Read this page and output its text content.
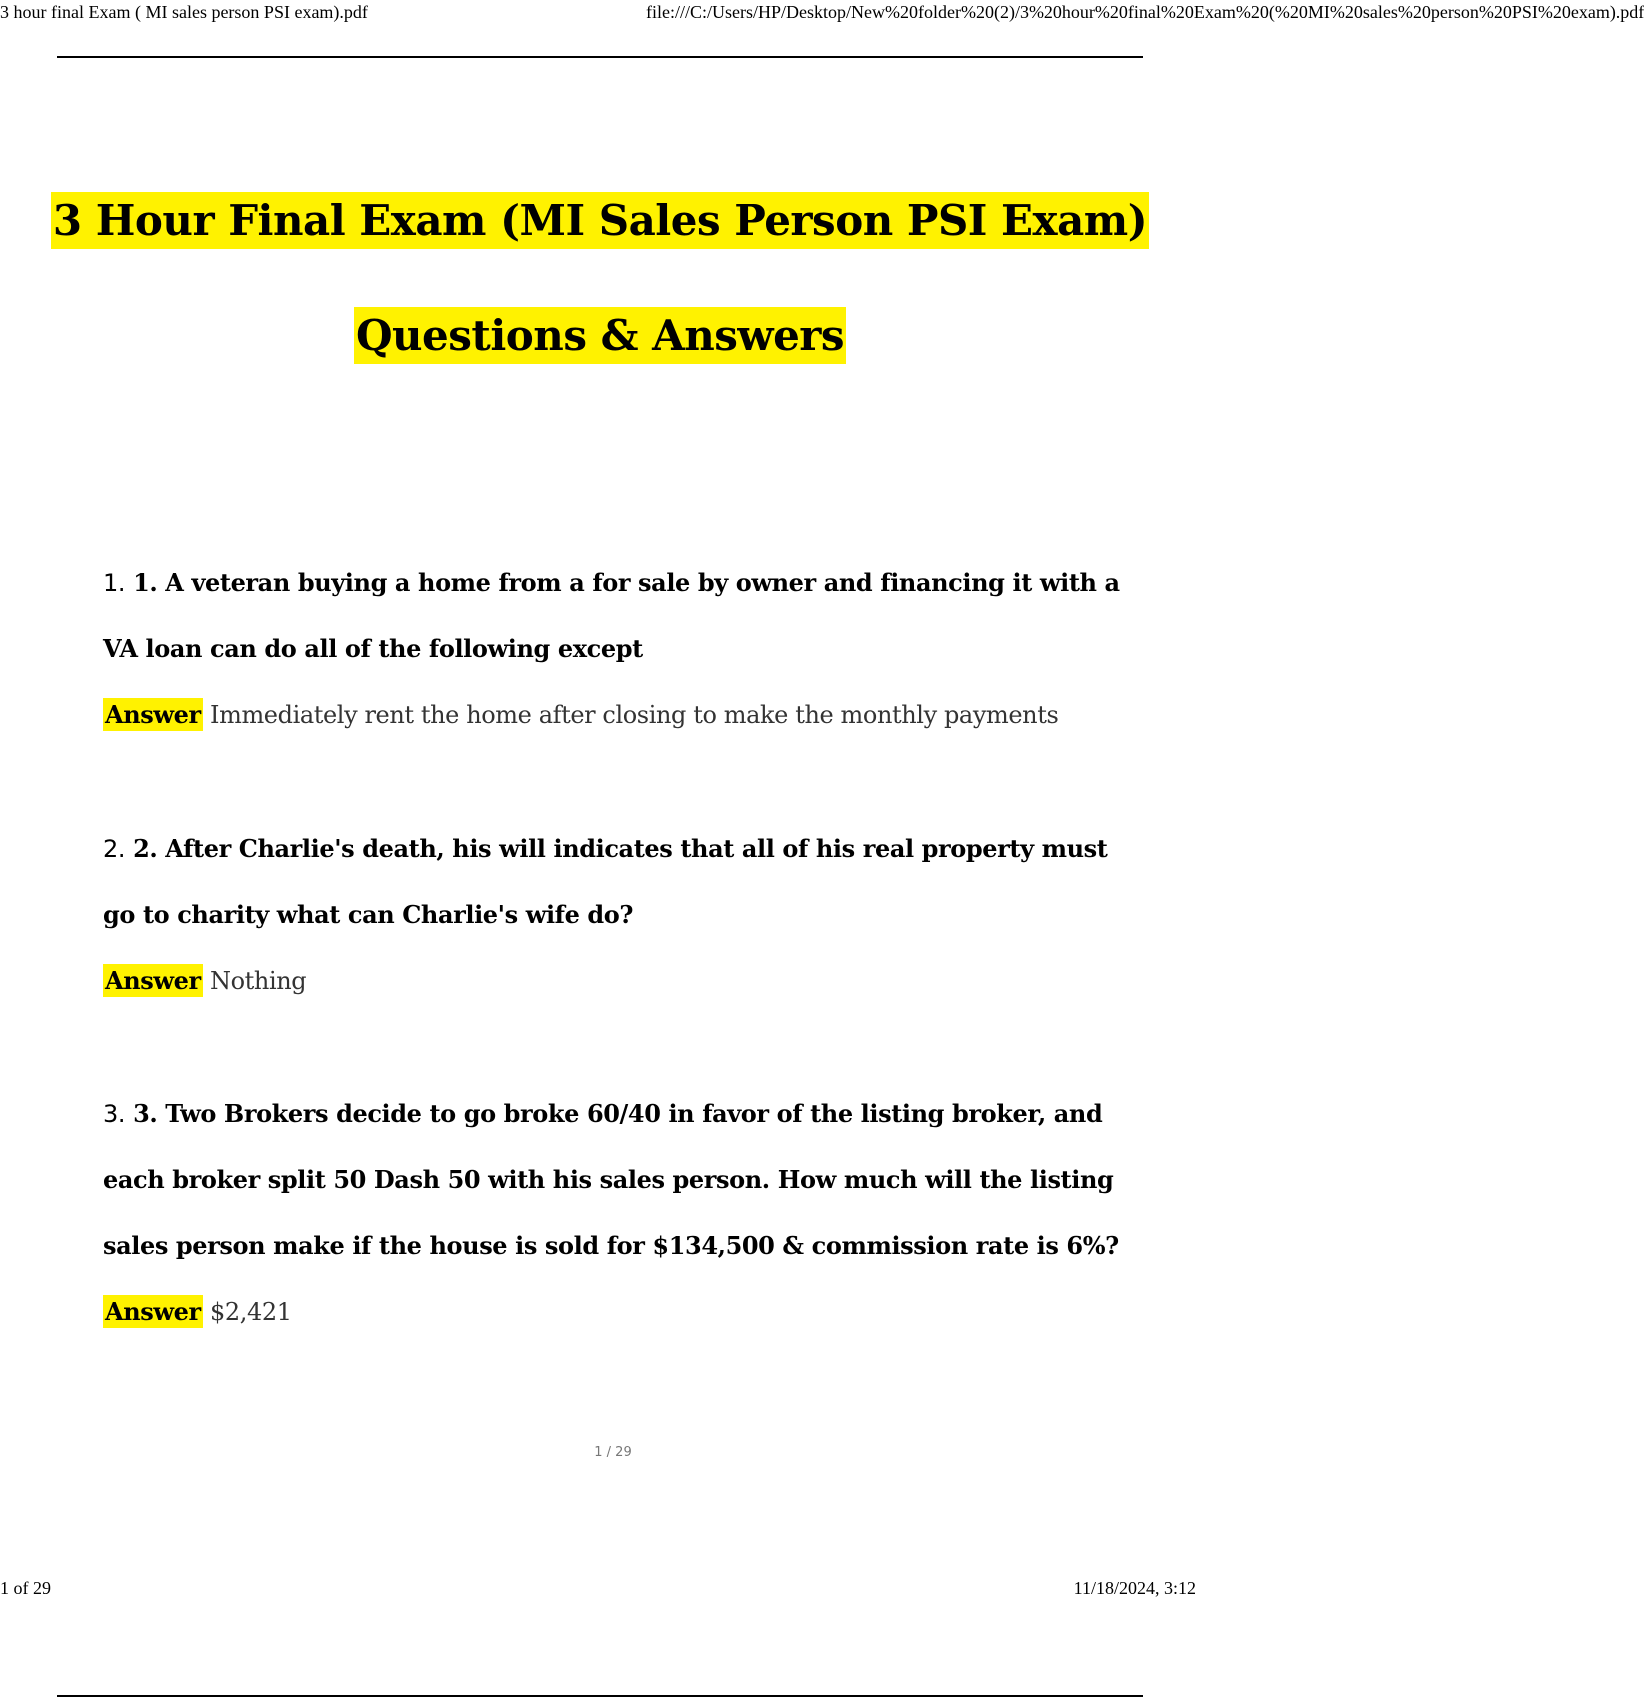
3 hour final Exam ( MI sales person PSI exam).pdf	file:///C:/Users/HP/Desktop/New%20folder%20(2)/3%20hour%20final%20Exam%20(%20MI%20sales%20person%20PSI%20exam).pdf
3 Hour Final Exam (MI Sales Person PSI Exam)
Questions & Answers
1. 1. A veteran buying a home from a for sale by owner and financing it with a
VA loan can do all of the following except
Answer Immediately rent the home after closing to make the monthly payments
2. 2. After Charlie's death, his will indicates that all of his real property must
go to charity what can Charlie's wife do?
Answer Nothing
3. 3. Two Brokers decide to go broke 60/40 in favor of the listing broker, and
each broker split 50 Dash 50 with his sales person. How much will the listing
sales person make if the house is sold for $134,500 & commission rate is 6%?
Answer $2,421
1 / 29
1 of 29	11/18/2024, 3:12
